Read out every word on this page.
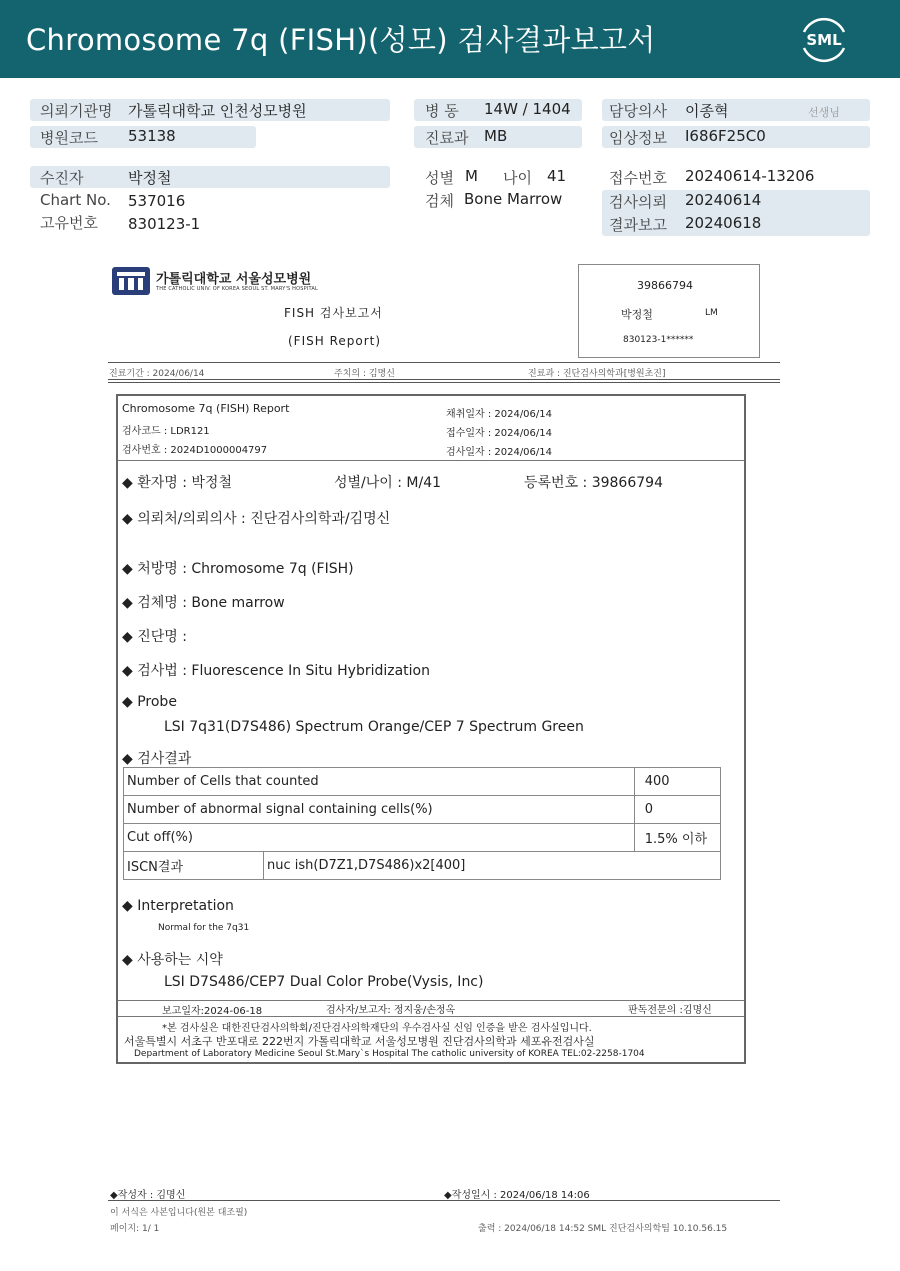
Chromosome 7q (FISH)(성모) 검사결과보고서	SML
의뢰기관명 가톨릭대학교 인천성모병원
병원코드 53138
병 동 14W / 1404
진료과 MB
담당의사 이종혁	선생님
임상정보 I686F25C0
수진자	박정철
Chart No. 537016
고유번호 830123-1
성별 M 나이 41
검체 Bone Marrow
접수번호 20240614-13206
검사의뢰 20240614
결과보고 20240618
가톨릭대학교 서울성모병원
THE CATHOLIC UNIV. OF KOREA SEOUL ST. MARY'S HOSPITAL
FISH 검사보고서
(FISH Report)
39866794
박정철	LM
830123-1******
진료기간 : 2024/06/14	주치의 : 김명신	진료과 : 진단검사의학과[병원초진]
Chromosome 7q (FISH) Report
검사코드 : LDR121
검사번호 : 2024D1000004797
채취일자 : 2024/06/14
접수일자 : 2024/06/14
검사일자 : 2024/06/14
◆ 환자명 : 박정철	성별/나이 : M/41	등록번호 : 39866794
◆ 의뢰처/의뢰의사 : 진단검사의학과/김명신
◆ 처방명 : Chromosome 7q (FISH)
◆ 검체명 : Bone marrow
◆ 진단명 :
◆ 검사법 : Fluorescence In Situ Hybridization
◆ Probe
LSI 7q31(D7S486) Spectrum Orange/CEP 7 Spectrum Green
◆ 검사결과
Number of Cells that counted		400
Number of abnormal signal containing cells(%)		0
Cut off(%)		1.5% 이하
ISCN결과	nuc ish(D7Z1,D7S486)x2[400]	
◆ Interpretation
Normal for the 7q31
◆ 사용하는 시약
LSI D7S486/CEP7 Dual Color Probe(Vysis, Inc)
보고일자:2024-06-18	검사자/보고자: 정지웅/손정옥	판독전문의 :김명신
*본 검사실은 대한진단검사의학회/진단검사의학재단의 우수검사실 신임 인증을 받은 검사실입니다.
서울특별시 서초구 반포대로 222번지 가톨릭대학교 서울성모병원 진단검사의학과 세포유전검사실
Department of Laboratory Medicine Seoul St.Mary`s Hospital The catholic university of KOREA TEL:02-2258-1704
◆작성자 : 김명신	◆작성일시 : 2024/06/18 14:06
이 서식은 사본입니다(원본 대조필)
페이지: 1/ 1	출력 : 2024/06/18 14:52 SML 진단검사의학팀 10.10.56.15
